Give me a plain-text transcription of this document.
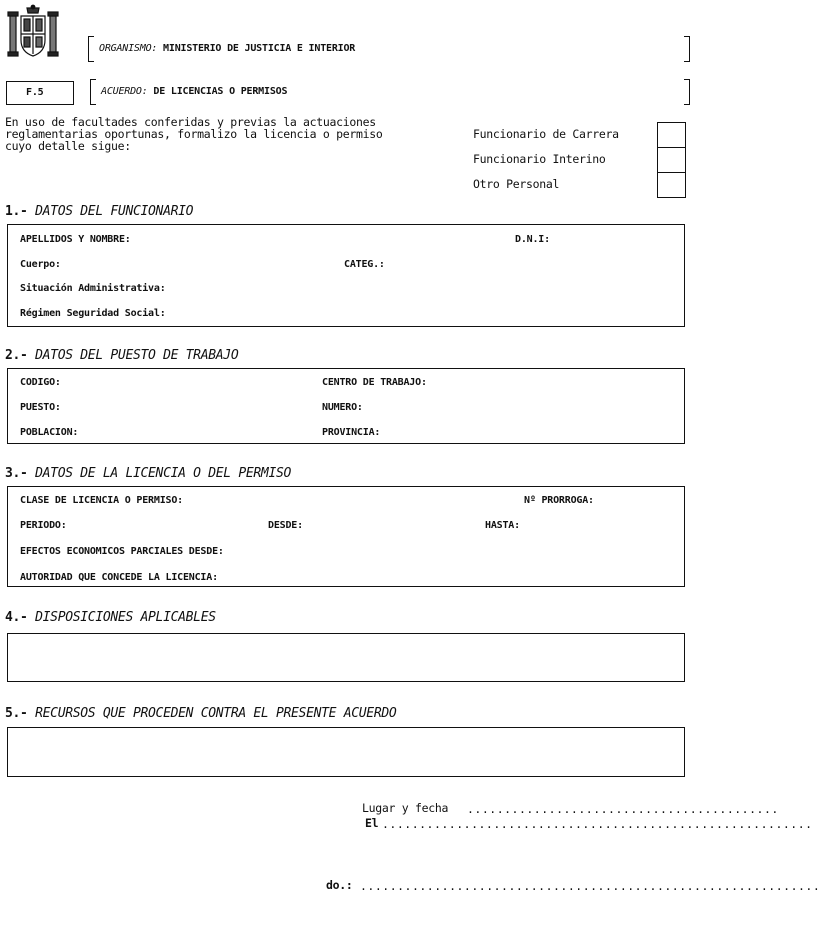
ORGANISMO: MINISTERIO DE JUSTICIA E INTERIOR
F.5	ACUERDO: DE LICENCIAS O PERMISOS
En uso de facultades conferidas y previas la actuaciones
reglamentarias oportunas, formalizo la licencia o permiso
cuyo detalle sigue:
Funcionario de Carrera
Funcionario Interino
Otro Personal
1.- DATOS DEL FUNCIONARIO
APELLIDOS Y NOMBRE:	D.N.I:
Cuerpo:	CATEG.:
Situación Administrativa:
Régimen Seguridad Social:
2.- DATOS DEL PUESTO DE TRABAJO
CODIGO:	CENTRO DE TRABAJO:
PUESTO:	NUMERO:
POBLACION:	PROVINCIA:
3.- DATOS DE LA LICENCIA O DEL PERMISO
CLASE DE LICENCIA O PERMISO:	Nº PRORROGA:
PERIODO:	DESDE:	HASTA:
EFECTOS ECONOMICOS PARCIALES DESDE:
AUTORIDAD QUE CONCEDE LA LICENCIA:
4.- DISPOSICIONES APLICABLES
5.- RECURSOS QUE PROCEDEN CONTRA EL PRESENTE ACUERDO
Lugar y fecha ..........................................
El ..........................................................
do.: ..............................................................
